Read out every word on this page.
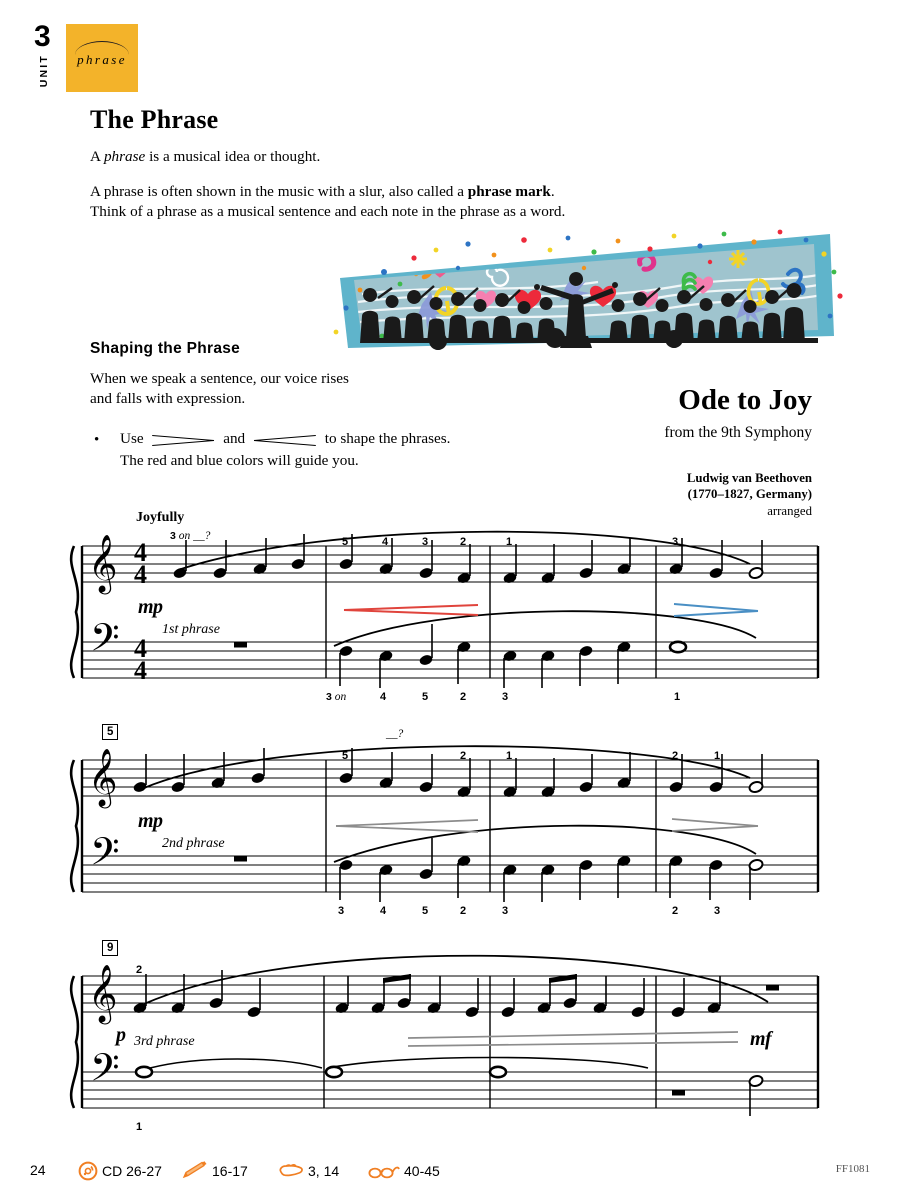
3
UNIT	phrase
The Phrase
A phrase is a musical idea or thought.
A phrase is often shown in the music with a slur, also called a phrase mark.
Think of a phrase as a musical sentence and each note in the phrase as a word.
Shaping the Phrase
When we speak a sentence, our voice rises
and falls with expression.
• Use	and	to shape the phrases.
The red and blue colors will guide you.
Ode to Joy
from the 9th Symphony
Ludwig van Beethoven
(1770–1827, Germany)
arranged
Joyfully
3 on __?
mp
1st phrase
3 on
𝄞
𝄢
4
4
4
4
5	4	3	2	1	3
4	5	2	3	1
5	__?
mp
2nd phrase
𝄞
𝄢
5	2	1	2	1
3	4	5	2	3	2	3
9
p 3rd phrase	mf
𝄞
𝄢
2
1
24	CD 26-27	16-17	3, 14	40-45	FF1081
